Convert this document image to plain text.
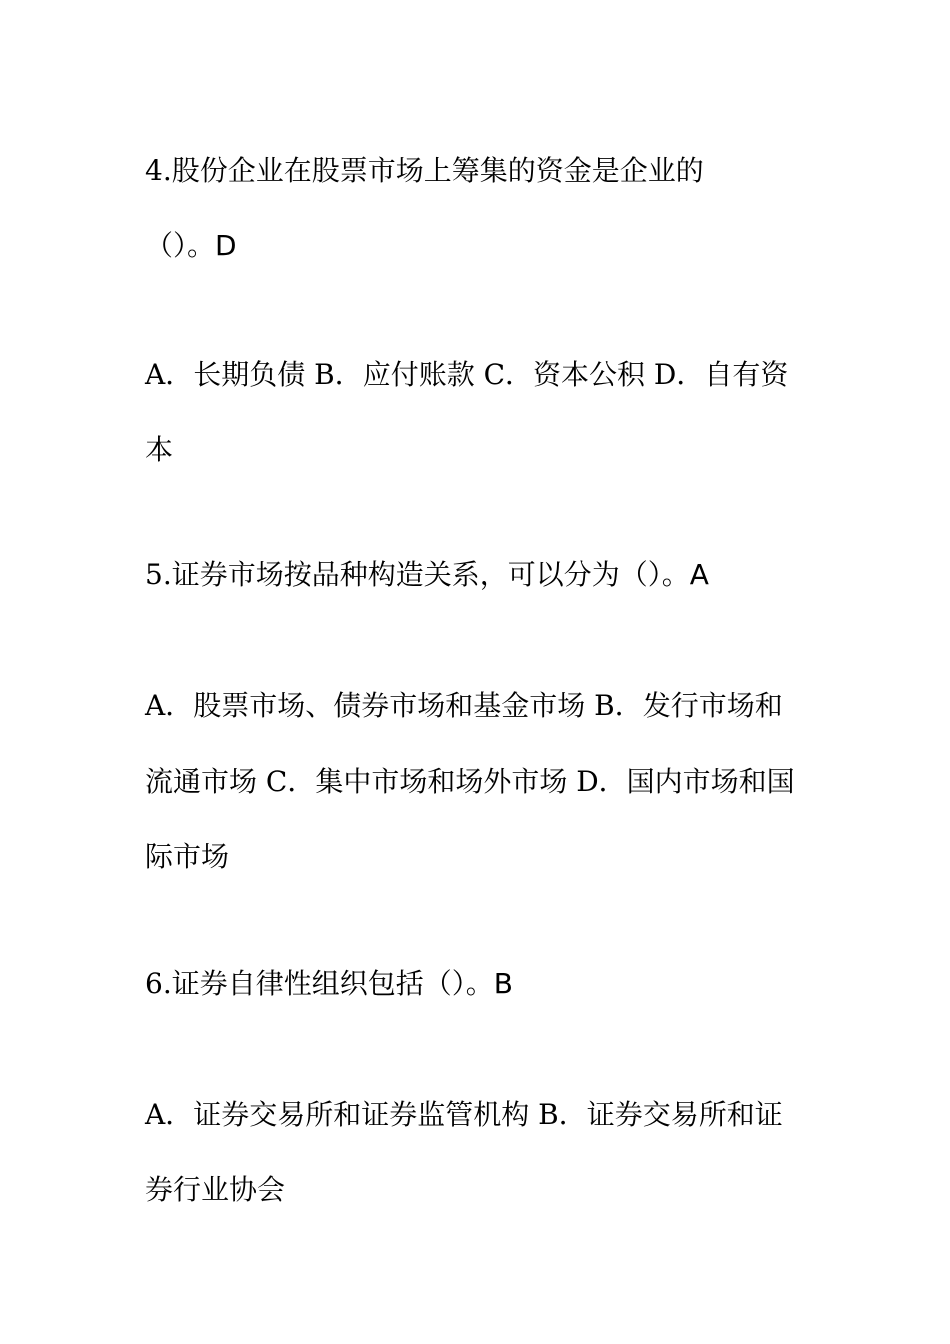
4.股份企业在股票市场上筹集的资金是企业的
（）。D
A．长期负债 B．应付账款 C．资本公积 D．自有资
本
5.证券市场按品种构造关系，可以分为（）。A
A．股票市场、债券市场和基金市场 B．发行市场和
流通市场 C．集中市场和场外市场 D．国内市场和国
际市场
6.证券自律性组织包括（）。B
A．证券交易所和证券监管机构 B．证券交易所和证
券行业协会
